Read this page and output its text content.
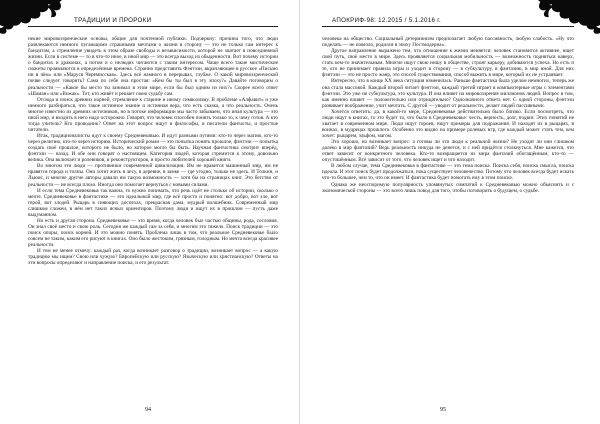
ТРАДИЦИИ И ПРОРОКИ

некие мировоззренческие основы, общие для почтенной публики. Подчеркну: причина того, что люди развлекаются немного пугающими страшными мечтами о жизни в сторону — это не только сам интерес к бандитам, а стремление увидеть в этом образе свободы и независимости, которой не хватает в повседневной жизни. Если в системе — то в что-то иное, в иной мир — это всегда выход из обыденности. Вот почему истории о бандитах и драконах, а потом и о нелюдях читаются с таким интересом. Чаще всего такие мистические сюжеты проявляются в определённые времена. Странно представить Фэнтэзи, вкрапляющее в русское «Письмо ни в чём» или «Маруся Черемисская». Здесь всё намного в перерывах, глубже. О какой мировоззренческой почве следует говорить? Сама по себе она простая: «Кем бы ты был в эту эпоху?» Давайте поговорим о реальности — «Какое бы место ты занимал в этом мире, если бы был одним из них?» Скорее всего ответ «Шаман» или «Вожак». Тот, кто живёт и решает свою судьбу сам.

Отсюда и поиск древних корней, стремление к старине и иному символизму. В проблеме «Алфавит» и уже немного разбираться, что такое истинное знание и истинная вера, что есть сказка, а что реальность. Очень многое известно из древних источников, но в потоке информации мы часто забываем, что иная культура — это иной мир, и входить в него надо осторожно. Говорят, что человек способен понять только то, к чему готов. А кто тогда учитель? Кто проводник? Ответ на этот вопрос ищут и философы, и писатели фантасты, и простые читатели.

Итак, традиционалисты идут к своему Средневековью. И идут разными путями: кто-то через магию, кто-то через религию, кто-то через историю. Исторический роман — это попытка понять прошлое, фэнтэзи — попытка создать своё прошлое, которого не было, но которое могло бы быть. Научная фантастика смотрит вперёд, фэнтэзи — назад. И обе они говорят о настоящем. Категория людей, которая стремится к этому, довольно велика. Она включает и ролевиков, и реконструкторов, и просто любителей хорошей книги.

Во многом эти люди — противники современной цивилизации. Им не нравится машинный мир, им не нравятся города и толпы. Они хотят жить в лесу, в деревне, в замке — где угодно, только не здесь. И Толкин, и Льюис, и многие другие авторы давали им такую возможность — хотя бы на страницах книг. Это бегство от реальности — не всегда плохо. Иногда оно помогает вернуться с новыми силами.

И если тема Средневековья так важна, то нужно понимать, что речь идёт не столько об истории, сколько о мечте. Средневековье в фантастике — это идеальный мир, где всё просто и понятно: вот добро, вот зло, вот герой, вот злодей. Рыцарь в сияющих доспехах, прекрасная дама, мудрый волшебник. Современный мир слишком сложен, в нём нет таких ясных ориентиров. Поэтому люди и ищут их в прошлом — пусть даже выдуманном.

Но есть и другая сторона. Средневековье — это время, когда человек был частью общины, рода, сословия. Он знал своё место и свою роль. Сегодня же каждый сам за себя, и многим это тяжело. Поиск традиции — это поиск опоры, поиск корней. И это можно понять. Проблема лишь в том, что реальное Средневековье было совсем не таким, каким его рисуют в книгах. Оно было жестоким, грязным, голодным. Но мечта всегда красивее реальности.

И тем не менее отмечу: каждый раз, когда возникает разговор о традиции, возникает вопрос — а какую традицию мы ищем? Свою или чужую? Европейскую или русскую? Языческую или христианскую? Ответы на эти вопросы определяют и направление поиска, и его результат.

94
АПОКРИФ-98: 12.2015 / 5.1.2016 г.

человека на общество. Социальный детерминизм предполагает любую пассивность, любую слабость. «Ну что поделать — не повезло, родился в эпоху Постмодерна».

Другое направление выражено тем, что отношение к жизни меняется: человек становится активнее, ищет свой путь, своё место в мире. Здесь проявляется социальная мобильность — возможность подняться наверх, стать кем-то значительным. Многие ищут свою нишу в обществе, строят карьеру, добиваются успеха. Но есть и те, кто не принимает правила игры и уходит в сторону — в субкультуру, в фантазию, в мир иной. Для них фэнтэзи — это не просто жанр, это способ существования, способ выжить в мире, который их не устраивает.

Интересно, что в конце XX века ситуация изменилась. Раньше фантастика была уделом немногих, теперь же она стала массовой. Каждый второй читает фэнтэзи, каждый третий играет в компьютерные игры с элементами фэнтэзи. Это уже не субкультура, это культура. И она влияет на мировоззрение миллионов людей. Вопрос в том, как именно влияет — положительно или отрицательно? Однозначного ответа нет. С одной стороны, фэнтэзи развивает воображение, учит мечтать. С другой — уводит от реальности, делает людей пассивными.

Хочется ответить: да, в какой-то мере, Средневековье действительно было близко. Если посмотреть, что люди ищут в книгах, то это будет то, что было в Средневековье: честь, верность, долг, подвиг. Этих понятий не хватает в современном мире. Люди ищут героев, ищут примеры для подражания. И находят их в рыцарях, в воинах, в мудрецах прошлого. Особенно это видно на примере ролевых игр, где каждый может стать тем, кем хочет: рыцарем, эльфом, магом.

Это хорошо, но возникает вопрос: а готовы ли эти люди к реальной жизни? Не уходят ли они слишком далеко в мир фантазий? Ведь реальность никуда не денется, и с ней придётся столкнуться. Мне кажется, что ответ зависит от конкретного человека. Кто-то возвращается из мира фантазий обогащённым, кто-то — опустошённым. Всё зависит от того, что человек ищет и что находит.

В любом случае, тема Средневековья в фантастике — это тема поиска. Поиска себя, поиска смысла, поиска идеала. И этот поиск будет продолжаться, пока существует человечество. Потому что человек всегда будет искать что-то большее, чем то, что он имеет. И фантастика будет помогать ему в этом поиске.

Однако же неоспоримую популярность упомянутых симпатий к Средневековью можно объяснить и с экономической стороны — это всего лишь повод для того, чтобы поговорить о будущем, о судьбе.

95
